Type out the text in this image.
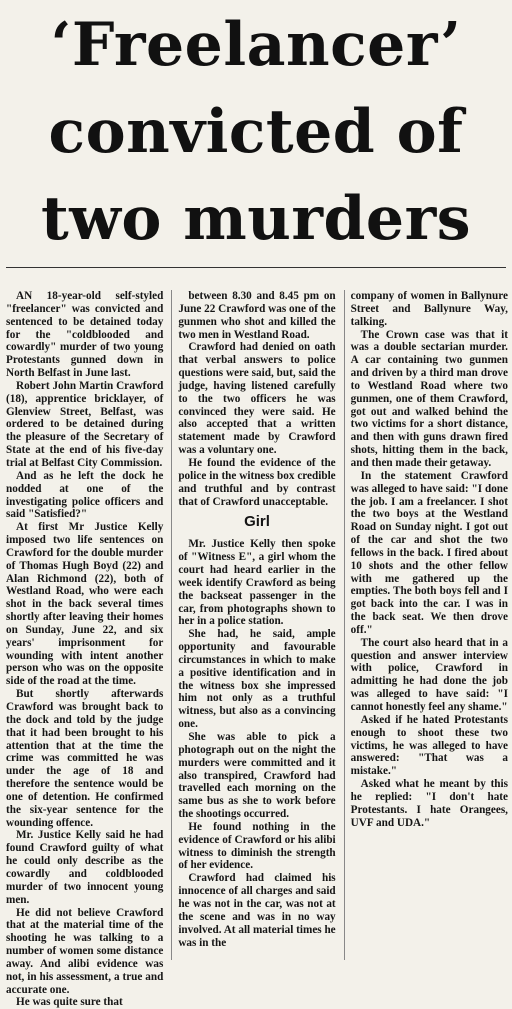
‘Freelancer’
convicted of
two murders

AN 18-year-old self-styled "freelancer" was convicted and sentenced to be detained today for the "coldblooded and cowardly" murder of two young Protestants gunned down in North Belfast in June last.

Robert John Martin Crawford (18), apprentice bricklayer, of Glenview Street, Belfast, was ordered to be detained during the pleasure of the Secretary of State at the end of his five-day trial at Belfast City Commission.

And as he left the dock he nodded at one of the investigating police officers and said "Satisfied?"

At first Mr Justice Kelly imposed two life sentences on Crawford for the double murder of Thomas Hugh Boyd (22) and Alan Richmond (22), both of Westland Road, who were each shot in the back several times shortly after leaving their homes on Sunday, June 22, and six years' imprisonment for wounding with intent another person who was on the opposite side of the road at the time.

But shortly afterwards Crawford was brought back to the dock and told by the judge that it had been brought to his attention that at the time the crime was committed he was under the age of 18 and therefore the sentence would be one of detention. He confirmed the six-year sentence for the wounding offence.

Mr. Justice Kelly said he had found Crawford guilty of what he could only describe as the cowardly and coldblooded murder of two innocent young men.

He did not believe Crawford that at the material time of the shooting he was talking to a number of women some distance away. And alibi evidence was not, in his assessment, a true and accurate one.

He was quite sure that

between 8.30 and 8.45 pm on June 22 Crawford was one of the gunmen who shot and killed the two men in Westland Road.

Crawford had denied on oath that verbal answers to police questions were said, but, said the judge, having listened carefully to the two officers he was convinced they were said. He also accepted that a written statement made by Crawford was a voluntary one.

He found the evidence of the police in the witness box credible and truthful and by contrast that of Crawford unacceptable.

Girl

Mr. Justice Kelly then spoke of "Witness E", a girl whom the court had heard earlier in the week identify Crawford as being the backseat passenger in the car, from photographs shown to her in a police station.

She had, he said, ample opportunity and favourable circumstances in which to make a positive identification and in the witness box she impressed him not only as a truthful witness, but also as a convincing one.

She was able to pick a photograph out on the night the murders were committed and it also transpired, Crawford had travelled each morning on the same bus as she to work before the shootings occurred.

He found nothing in the evidence of Crawford or his alibi witness to diminish the strength of her evidence.

Crawford had claimed his innocence of all charges and said he was not in the car, was not at the scene and was in no way involved. At all material times he was in the

company of women in Ballynure Street and Ballynure Way, talking.

The Crown case was that it was a double sectarian murder. A car containing two gunmen and driven by a third man drove to Westland Road where two gunmen, one of them Crawford, got out and walked behind the two victims for a short distance, and then with guns drawn fired shots, hitting them in the back, and then made their getaway.

In the statement Crawford was alleged to have said: "I done the job. I am a freelancer. I shot the two boys at the Westland Road on Sunday night. I got out of the car and shot the two fellows in the back. I fired about 10 shots and the other fellow with me gathered up the empties. The both boys fell and I got back into the car. I was in the back seat. We then drove off."

The court also heard that in a question and answer interview with police, Crawford in admitting he had done the job was alleged to have said: "I cannot honestly feel any shame."

Asked if he hated Protestants enough to shoot these two victims, he was alleged to have answered: "That was a mistake."

Asked what he meant by this he replied: "I don't hate Protestants. I hate Orangees, UVF and UDA."
